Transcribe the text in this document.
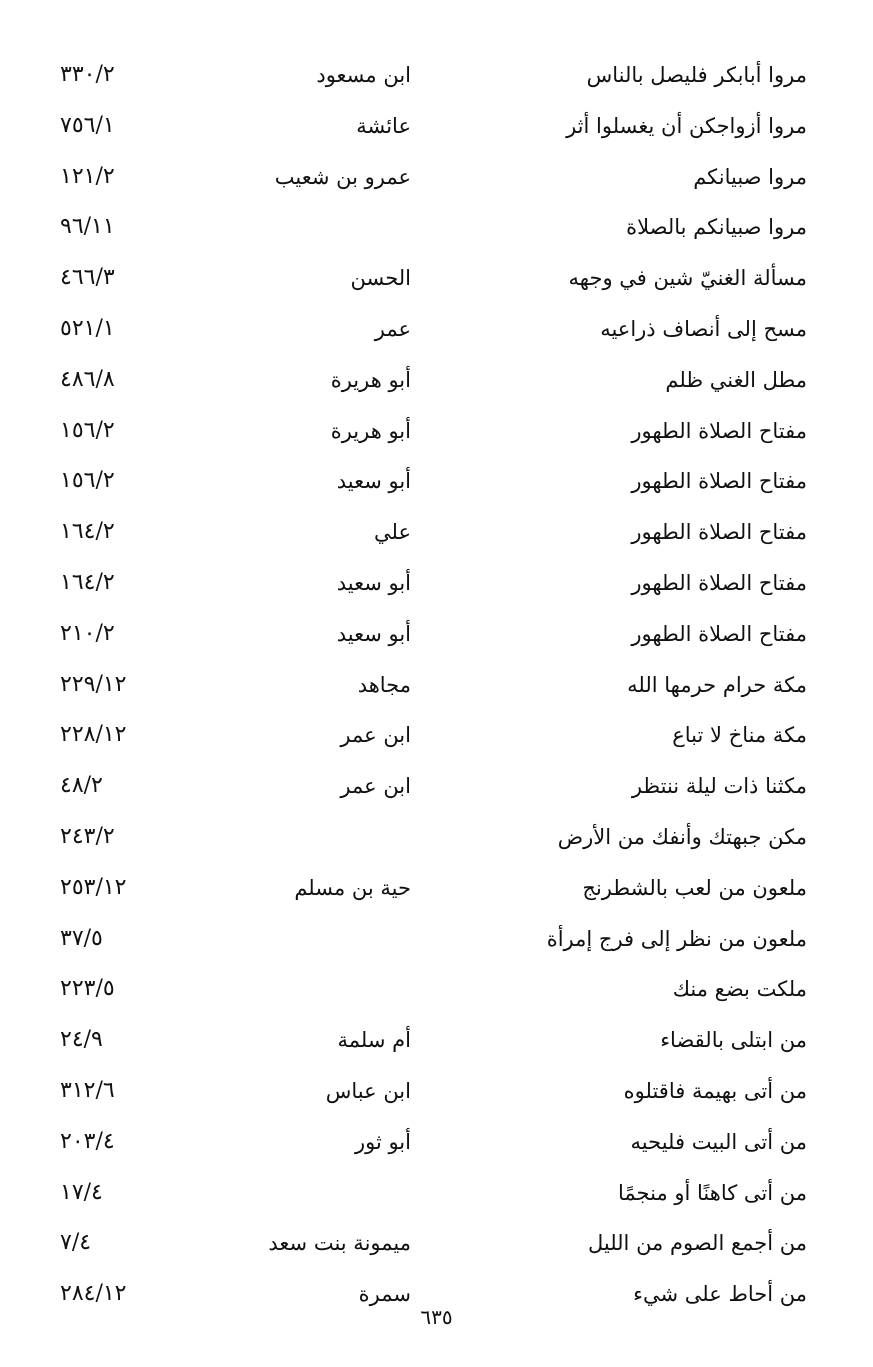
مروا أبابكر فليصل بالناس
ابن مسعود
٣٣٠/٢
مروا أزواجكن أن يغسلوا أثر
عائشة
٧٥٦/١
مروا صبيانكم
عمرو بن شعيب
١٢١/٢
مروا صبيانكم بالصلاة
٩٦/١١
مسألة الغنيّ شين في وجهه
الحسن
٤٦٦/٣
مسح إلى أنصاف ذراعيه
عمر
٥٢١/١
مطل الغني ظلم
أبو هريرة
٤٨٦/٨
مفتاح الصلاة الطهور
أبو هريرة
١٥٦/٢
مفتاح الصلاة الطهور
أبو سعيد
١٥٦/٢
مفتاح الصلاة الطهور
علي
١٦٤/٢
مفتاح الصلاة الطهور
أبو سعيد
١٦٤/٢
مفتاح الصلاة الطهور
أبو سعيد
٢١٠/٢
مكة حرام حرمها الله
مجاهد
٢٢٩/١٢
مكة مناخ لا تباع
ابن عمر
٢٢٨/١٢
مكثنا ذات ليلة ننتظر
ابن عمر
٤٨/٢
مكن جبهتك وأنفك من الأرض
٢٤٣/٢
ملعون من لعب بالشطرنج
حية بن مسلم
٢٥٣/١٢
ملعون من نظر إلى فرج إمرأة
٣٧/٥
ملكت بضع منك
٢٢٣/٥
من ابتلى بالقضاء
أم سلمة
٢٤/٩
من أتى بهيمة فاقتلوه
ابن عباس
٣١٢/٦
من أتى البيت فليحيه
أبو ثور
٢٠٣/٤
من أتى كاهنًا أو منجمًا
١٧/٤
من أجمع الصوم من الليل
ميمونة بنت سعد
٧/٤
من أحاط على شيء
سمرة
٢٨٤/١٢
٦٣٥
